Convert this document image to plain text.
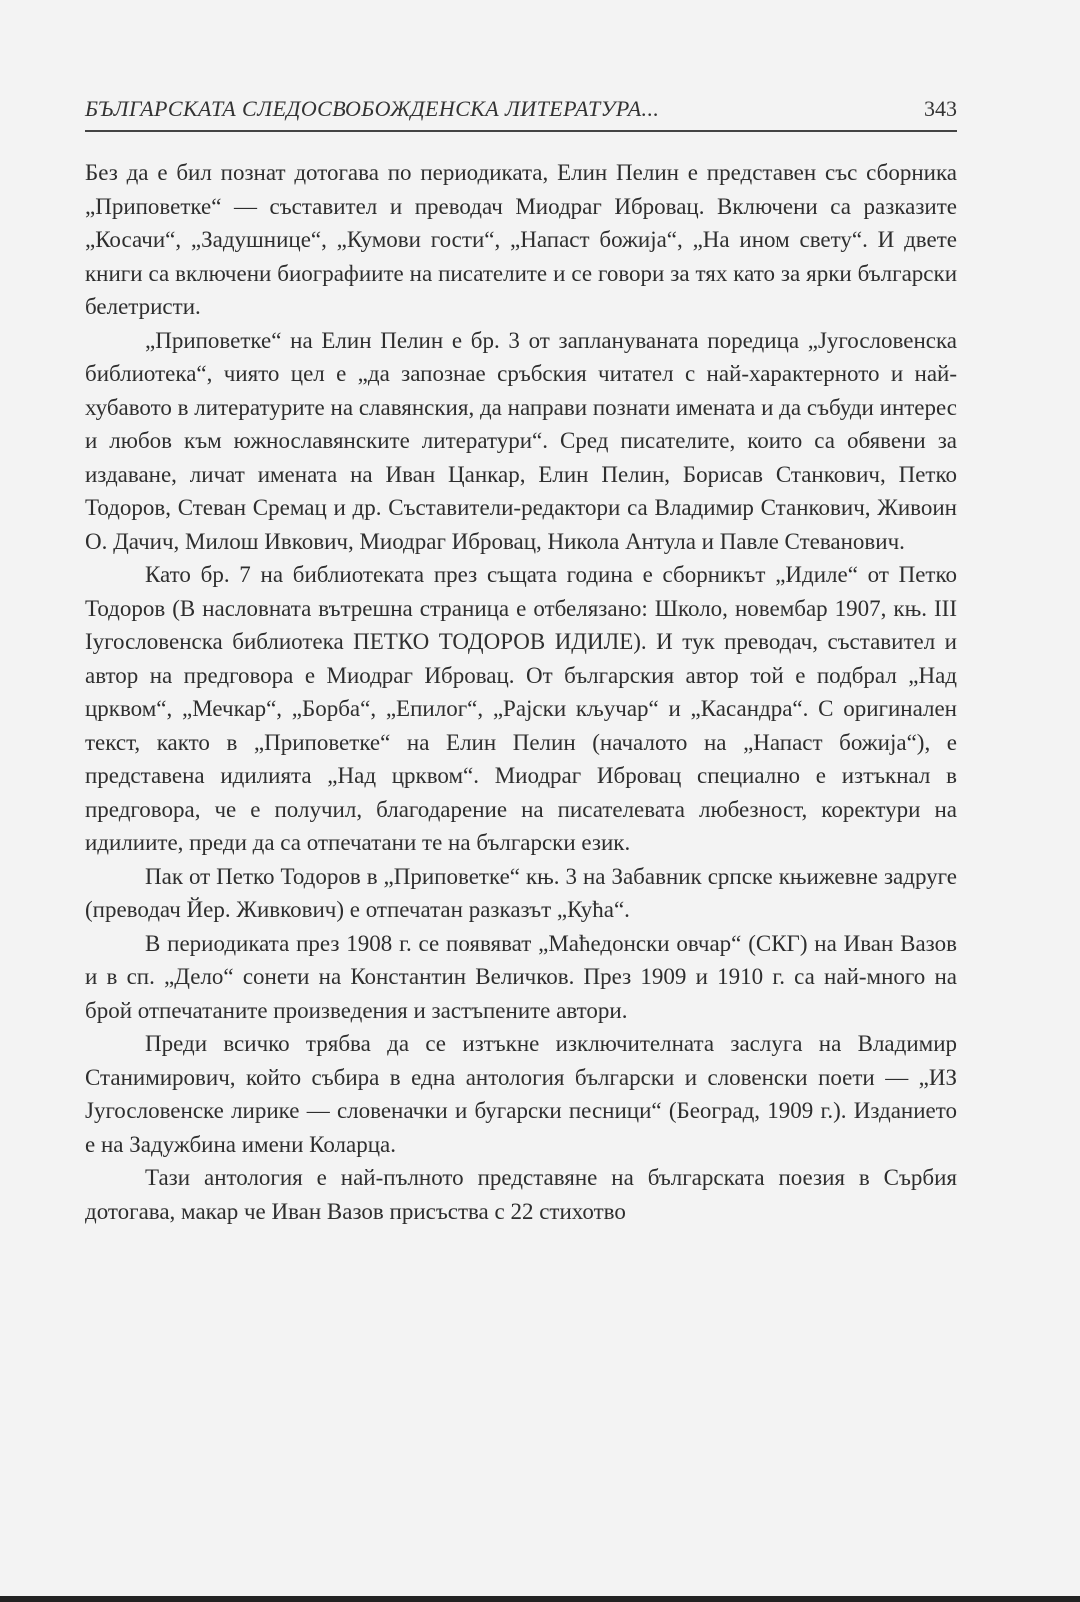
БЪЛГАРСКАТА СЛЕДОСВОБОЖДЕНСКА ЛИТЕРАТУРА...	343

Без да е бил познат дотогава по периодиката, Елин Пелин е представен със сборника „Приповетке“ — съставител и преводач Миодраг Ибровац. Включени са разказите „Косачи“, „Задушнице“, „Кумови гости“, „Напаст божиjа“, „На ином свету“. И двете книги са включени биографиите на писателите и се говори за тях като за ярки български белетристи.

„Приповетке“ на Елин Пелин е бр. 3 от заплануваната поредица „Jугословенска библиотека“, чиято цел е „да запознае сръбския читател с най-характерното и най-хубавото в литературите на славянския, да направи познати имената и да събуди интерес и любов към южнославянските литератури“. Сред писателите, които са обявени за издаване, личат имената на Иван Цанкар, Елин Пелин, Борисав Станкович, Петко Тодоров, Стеван Сремац и др. Съставители-редактори са Владимир Станкович, Живоин О. Дачич, Милош Ивкович, Миодраг Ибровац, Никола Антула и Павле Стеванович.

Като бр. 7 на библиотеката през същата година е сборникът „Идиле“ от Петко Тодоров (В насловната вътрешна страница е отбелязано: Школо, новембар 1907, књ. III Iугословенска библиотека ПЕТКО ТОДОРОВ ИДИЛЕ). И тук преводач, съставител и автор на предговора е Миодраг Ибровац. От българския автор той е подбрал „Над црквом“, „Мечкар“, „Борба“, „Епилог“, „Раjски кључар“ и „Касандра“. С оригинален текст, както в „Приповетке“ на Елин Пелин (началото на „Напаст божиjа“), е представена идилията „Над црквом“. Миодраг Ибровац специално е изтъкнал в предговора, че е получил, благодарение на писателевата любезност, коректури на идилиите, преди да са отпечатани те на български език.

Пак от Петко Тодоров в „Приповетке“ књ. 3 на Забавник српске књижевне задруге (преводач Йер. Живкович) е отпечатан разказът „Кућа“.

В периодиката през 1908 г. се появяват „Маћедонски овчар“ (СКГ) на Иван Вазов и в сп. „Дело“ сонети на Константин Величков. През 1909 и 1910 г. са най-много на брой отпечатаните произведения и застъпените автори.

Преди всичко трябва да се изтъкне изключителната заслуга на Владимир Станимирович, който събира в една антология български и словенски поети — „ИЗ Jугословенске лирике — словеначки и бугарски песници“ (Београд, 1909 г.). Изданието е на Задужбина имени Коларца.

Тази антология е най-пълното представяне на българската поезия в Сърбия дотогава, макар че Иван Вазов присъства с 22 стихотво
